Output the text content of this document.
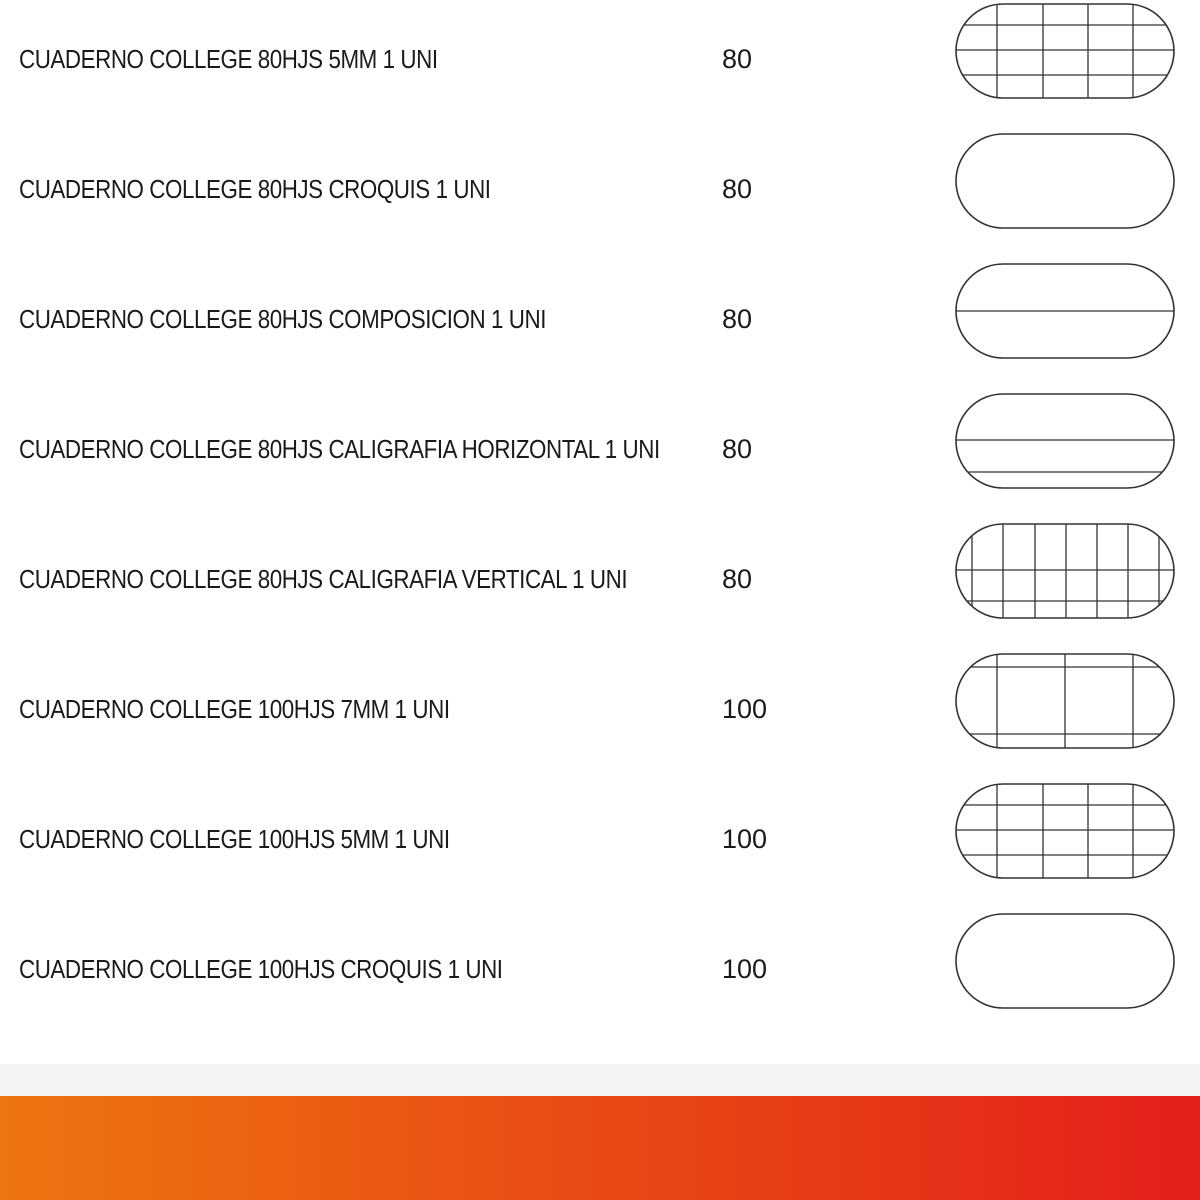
CUADERNO COLLEGE 80HJS 5MM 1 UNI	80
CUADERNO COLLEGE 80HJS CROQUIS 1 UNI	80
CUADERNO COLLEGE 80HJS COMPOSICION 1 UNI	80
CUADERNO COLLEGE 80HJS CALIGRAFIA HORIZONTAL 1 UNI 80
CUADERNO COLLEGE 80HJS CALIGRAFIA VERTICAL 1 UNI	80
CUADERNO COLLEGE 100HJS 7MM 1 UNI	100
CUADERNO COLLEGE 100HJS 5MM 1 UNI	100
CUADERNO COLLEGE 100HJS CROQUIS 1 UNI	100
